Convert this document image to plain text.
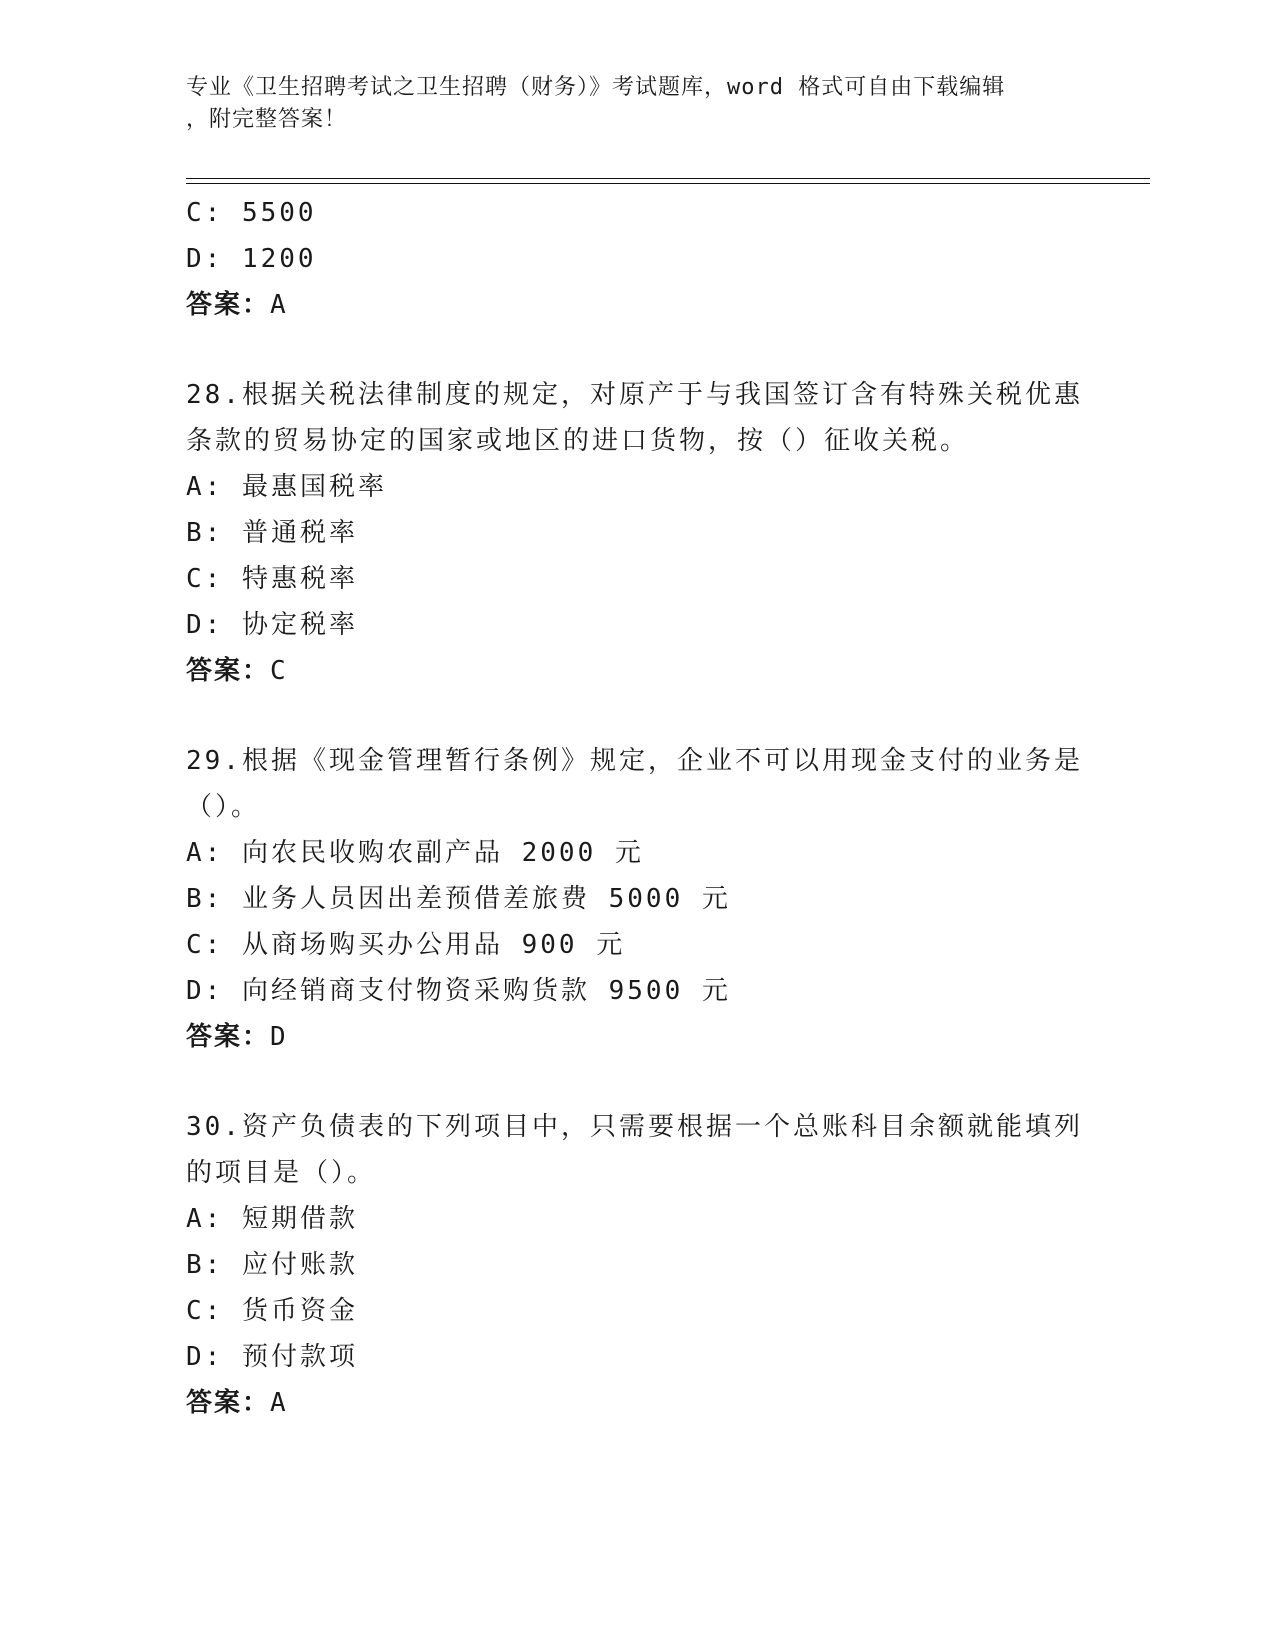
专业《卫生招聘考试之卫生招聘（财务）》考试题库，word 格式可自由下载编辑
，附完整答案！
C: 5500
D: 1200
答案：A
28.根据关税法律制度的规定，对原产于与我国签订含有特殊关税优惠
条款的贸易协定的国家或地区的进口货物，按（）征收关税。
A: 最惠国税率
B: 普通税率
C: 特惠税率
D: 协定税率
答案：C
29.根据《现金管理暂行条例》规定，企业不可以用现金支付的业务是
（）。
A: 向农民收购农副产品 2000 元
B: 业务人员因出差预借差旅费 5000 元
C: 从商场购买办公用品 900 元
D: 向经销商支付物资采购货款 9500 元
答案：D
30.资产负债表的下列项目中，只需要根据一个总账科目余额就能填列
的项目是（）。
A: 短期借款
B: 应付账款
C: 货币资金
D: 预付款项
答案：A
